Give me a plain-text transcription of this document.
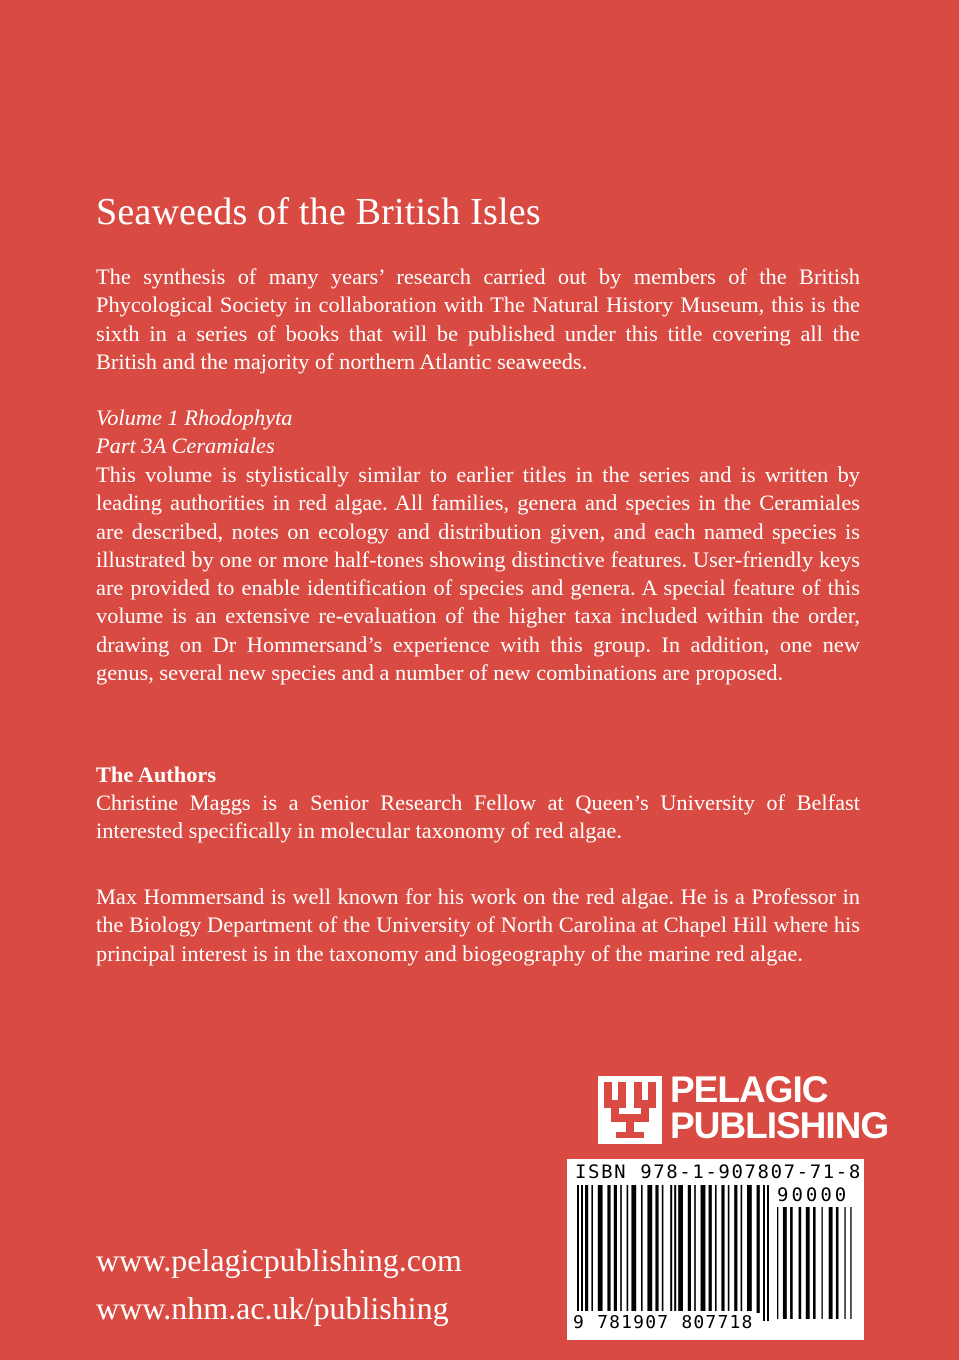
Seaweeds of the British Isles

The synthesis of many years’ research carried out by members of the British Phycological Society in collaboration with The Natural History Museum, this is the sixth in a series of books that will be published under this title covering all the British and the majority of northern Atlantic seaweeds.

Volume 1 Rhodophyta
Part 3A Ceramiales

This volume is stylistically similar to earlier titles in the series and is written by leading authorities in red algae. All families, genera and species in the Ceramiales are described, notes on ecology and distribution given, and each named species is illustrated by one or more half-tones showing distinctive features. User-friendly keys are provided to enable identification of species and genera. A special feature of this volume is an extensive re-evaluation of the higher taxa included within the order, drawing on Dr Hommersand’s experience with this group. In addition, one new genus, several new species and a number of new combinations are proposed.

The Authors

Christine Maggs is a Senior Research Fellow at Queen’s University of Belfast interested specifically in molecular taxonomy of red algae.

Max Hommersand is well known for his work on the red algae. He is a Professor in the Biology Department of the University of North Carolina at Chapel Hill where his principal interest is in the taxonomy and biogeography of the marine red algae.

PELAGIC
PUBLISHING
ISBN 978-1-907807-71-8
90000
9 781907 807718
www.pelagicpublishing.com
www.nhm.ac.uk/publishing
